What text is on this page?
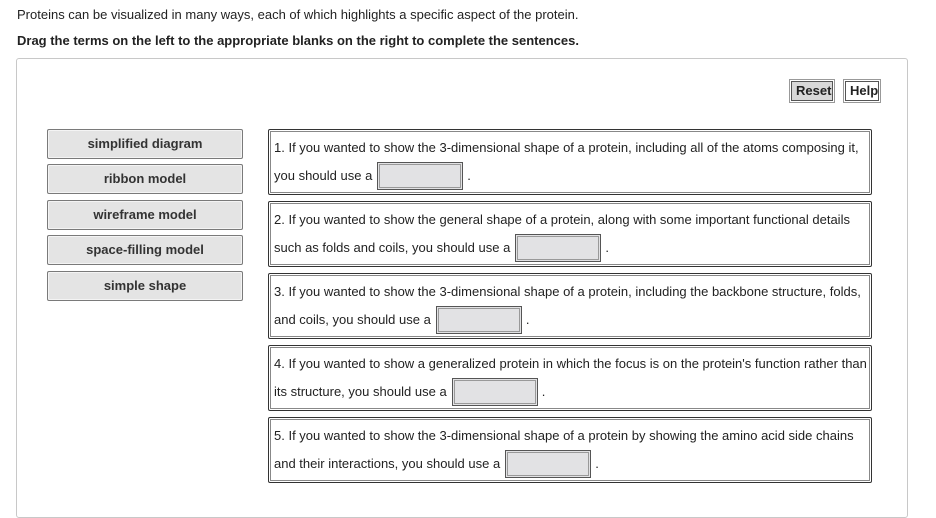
Proteins can be visualized in many ways, each of which highlights a specific aspect of the protein.

Drag the terms on the left to the appropriate blanks on the right to complete the sentences.

Reset	Help
simplified diagram
ribbon model
wireframe model
space-filling model
simple shape
1. If you wanted to show the 3-dimensional shape of a protein, including all of the atoms composing it,
you should use a	.
2. If you wanted to show the general shape of a protein, along with some important functional details
such as folds and coils, you should use a	.
3. If you wanted to show the 3-dimensional shape of a protein, including the backbone structure, folds,
and coils, you should use a	.
4. If you wanted to show a generalized protein in which the focus is on the protein's function rather than
its structure, you should use a	.
5. If you wanted to show the 3-dimensional shape of a protein by showing the amino acid side chains
and their interactions, you should use a	.
